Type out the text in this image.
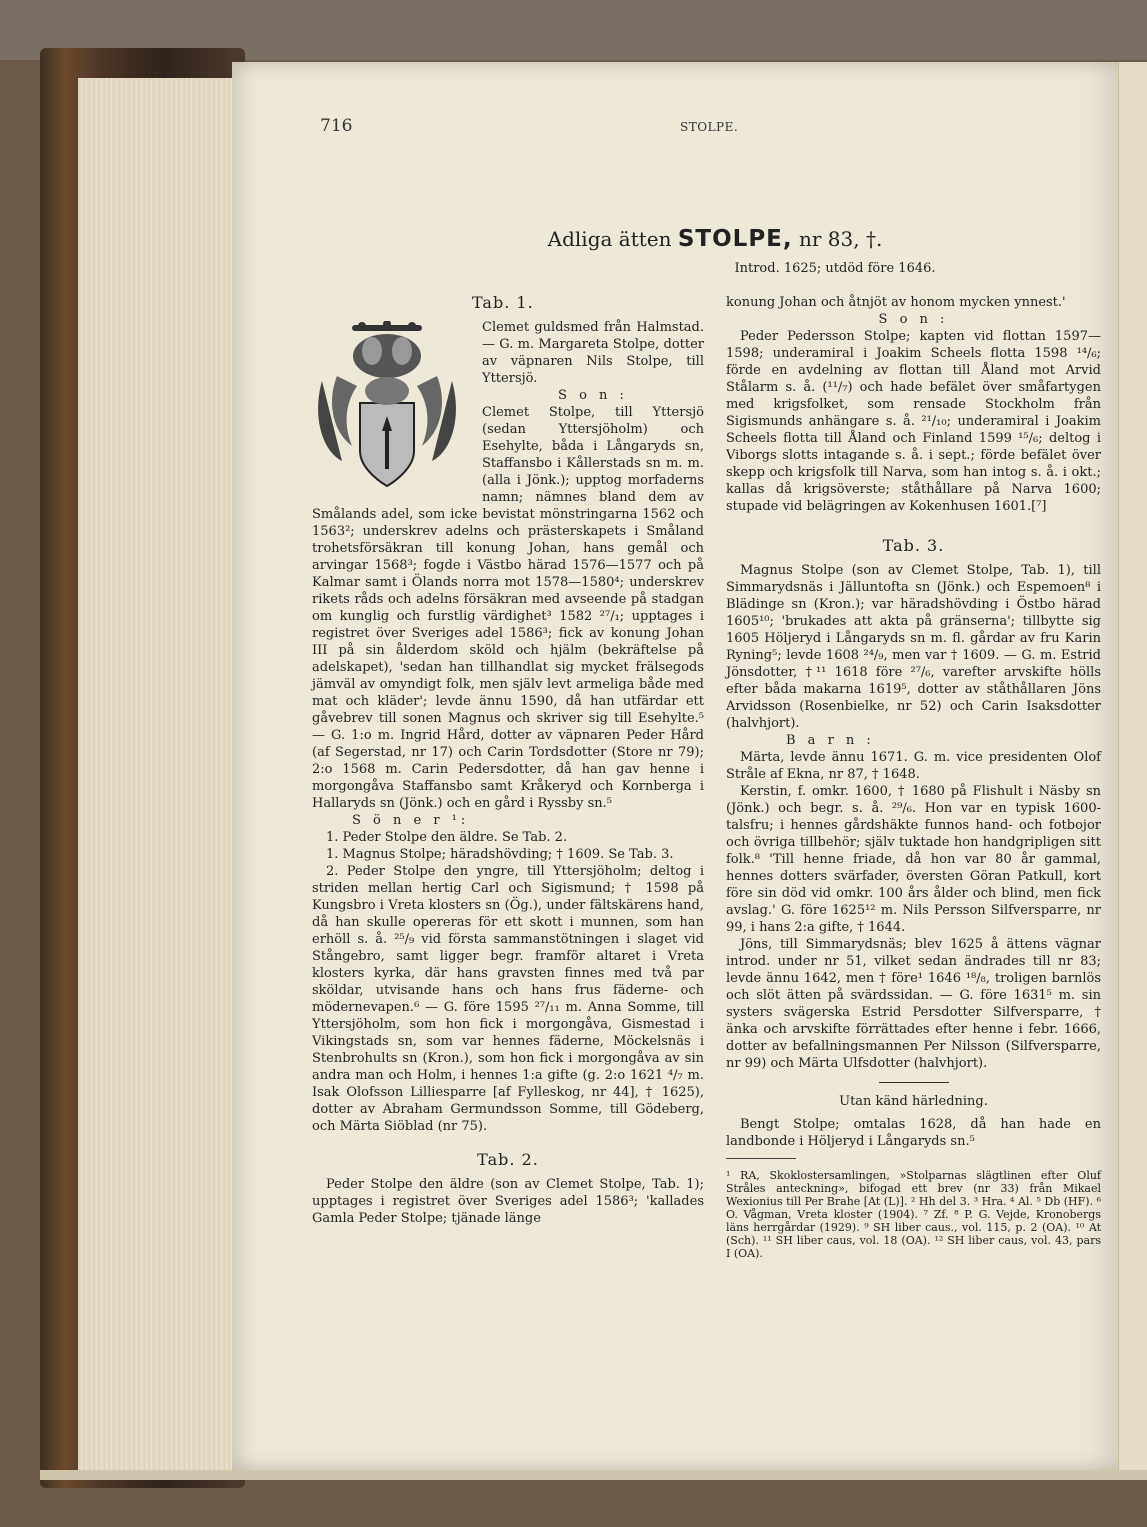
716	STOLPE.
Adliga ätten STOLPE, nr 83, †.
Introd. 1625; utdöd före 1646.
Tab. 1.

Clemet guldsmed från Halmstad. — G. m. Margareta Stolpe, dotter av väpnaren Nils Stolpe, till Yttersjö.

S o n :

Clemet Stolpe, till Yttersjö (sedan Yttersjöholm) och Esehylte, båda i Långaryds sn, Staffansbo i Kållerstads sn m. m. (alla i Jönk.); upptog morfaderns namn; nämnes bland dem av Smålands adel, som icke bevistat mönstringarna 1562 och 1563²; underskrev adelns och prästerskapets i Småland trohetsförsäkran till konung Johan, hans gemål och arvingar 1568³; fogde i Västbo härad 1576—1577 och på Kalmar samt i Ölands norra mot 1578—1580⁴; underskrev rikets råds och adelns försäkran med avseende på stadgan om kunglig och furstlig värdighet³ 1582 ²⁷/₁; upptages i registret över Sveriges adel 1586³; fick av konung Johan III på sin ålderdom sköld och hjälm (bekräftelse på adelskapet), 'sedan han tillhandlat sig mycket frälsegods jämväl av omyndigt folk, men själv levt armeliga både med mat och kläder'; levde ännu 1590, då han utfärdar ett gåvebrev till sonen Magnus och skriver sig till Esehylte.⁵ — G. 1:o m. Ingrid Hård, dotter av väpnaren Peder Hård (af Segerstad, nr 17) och Carin Tordsdotter (Store nr 79); 2:o 1568 m. Carin Pedersdotter, då han gav henne i morgongåva Staffansbo samt Kråkeryd och Kornberga i Hallaryds sn (Jönk.) och en gård i Ryssby sn.⁵

S ö n e r ¹:

1. Peder Stolpe den äldre. Se Tab. 2.

1. Magnus Stolpe; häradshövding; † 1609. Se Tab. 3.

2. Peder Stolpe den yngre, till Yttersjöholm; deltog i striden mellan hertig Carl och Sigismund; † 1598 på Kungsbro i Vreta klosters sn (Ög.), under fältskärens hand, då han skulle opereras för ett skott i munnen, som han erhöll s. å. ²⁵/₉ vid första sammanstötningen i slaget vid Stångebro, samt ligger begr. framför altaret i Vreta klosters kyrka, där hans gravsten finnes med två par sköldar, utvisande hans och hans frus fäderne- och mödernevapen.⁶ — G. före 1595 ²⁷/₁₁ m. Anna Somme, till Yttersjöholm, som hon fick i morgongåva, Gismestad i Vikingstads sn, som var hennes fäderne, Möckelsnäs i Stenbrohults sn (Kron.), som hon fick i morgongåva av sin andra man och Holm, i hennes 1:a gifte (g. 2:o 1621 ⁴/₇ m. Isak Olofsson Lilliesparre [af Fylleskog, nr 44], † 1625), dotter av Abraham Germundsson Somme, till Gödeberg, och Märta Siöblad (nr 75).

Tab. 2.

Peder Stolpe den äldre (son av Clemet Stolpe, Tab. 1); upptages i registret över Sveriges adel 1586³; 'kallades Gamla Peder Stolpe; tjänade länge

konung Johan och åtnjöt av honom mycken ynnest.'

S o n :

Peder Pedersson Stolpe; kapten vid flottan 1597—1598; underamiral i Joakim Scheels flotta 1598 ¹⁴/₆; förde en avdelning av flottan till Åland mot Arvid Stålarm s. å. (¹¹/₇) och hade befälet över småfartygen med krigsfolket, som rensade Stockholm från Sigismunds anhängare s. å. ²¹/₁₀; underamiral i Joakim Scheels flotta till Åland och Finland 1599 ¹⁵/₆; deltog i Viborgs slotts intagande s. å. i sept.; förde befälet över skepp och krigsfolk till Narva, som han intog s. å. i okt.; kallas då krigsöverste; ståthållare på Narva 1600; stupade vid belägringen av Kokenhusen 1601.[⁷]

Tab. 3.

Magnus Stolpe (son av Clemet Stolpe, Tab. 1), till Simmarydsnäs i Jälluntofta sn (Jönk.) och Espemoen⁸ i Blädinge sn (Kron.); var häradshövding i Östbo härad 1605¹⁰; 'brukades att akta på gränserna'; tillbytte sig 1605 Höljeryd i Långaryds sn m. fl. gårdar av fru Karin Ryning⁵; levde 1608 ²⁴/₉, men var † 1609. — G. m. Estrid Jönsdotter, †¹¹ 1618 före ²⁷/₆, varefter arvskifte hölls efter båda makarna 1619⁵, dotter av ståthållaren Jöns Arvidsson (Rosenbielke, nr 52) och Carin Isaksdotter (halvhjort).

B a r n :

Märta, levde ännu 1671. G. m. vice presidenten Olof Stråle af Ekna, nr 87, † 1648.

Kerstin, f. omkr. 1600, † 1680 på Flishult i Näsby sn (Jönk.) och begr. s. å. ²⁹/₆. Hon var en typisk 1600-talsfru; i hennes gårdshäkte funnos hand- och fotbojor och övriga tillbehör; själv tuktade hon handgripligen sitt folk.⁸ 'Till henne friade, då hon var 80 år gammal, hennes dotters svärfader, översten Göran Patkull, kort före sin död vid omkr. 100 års ålder och blind, men fick avslag.' G. före 1625¹² m. Nils Persson Silfversparre, nr 99, i hans 2:a gifte, † 1644.

Jöns, till Simmarydsnäs; blev 1625 å ättens vägnar introd. under nr 51, vilket sedan ändrades till nr 83; levde ännu 1642, men † före¹ 1646 ¹⁸/₈, troligen barnlös och slöt ätten på svärdssidan. — G. före 1631⁵ m. sin systers svägerska Estrid Persdotter Silfversparre, † änka och arvskifte förrättades efter henne i febr. 1666, dotter av befallningsmannen Per Nilsson (Silfversparre, nr 99) och Märta Ulfsdotter (halvhjort).

Utan känd härledning.

Bengt Stolpe; omtalas 1628, då han hade en landbonde i Höljeryd i Långaryds sn.⁵

¹ RA, Skoklostersamlingen, »Stolparnas slägtlinen efter Oluf Stråles anteckning», bifogad ett brev (nr 33) från Mikael Wexionius till Per Brahe [At (L)]. ² Hh del 3. ³ Hra. ⁴ Al. ⁵ Db (HF). ⁶ O. Vågman, Vreta kloster (1904). ⁷ Zf. ⁸ P. G. Vejde, Kronobergs läns herrgårdar (1929). ⁹ SH liber caus., vol. 115, p. 2 (OA). ¹⁰ At (Sch). ¹¹ SH liber caus, vol. 18 (OA). ¹² SH liber caus, vol. 43, pars I (OA).
